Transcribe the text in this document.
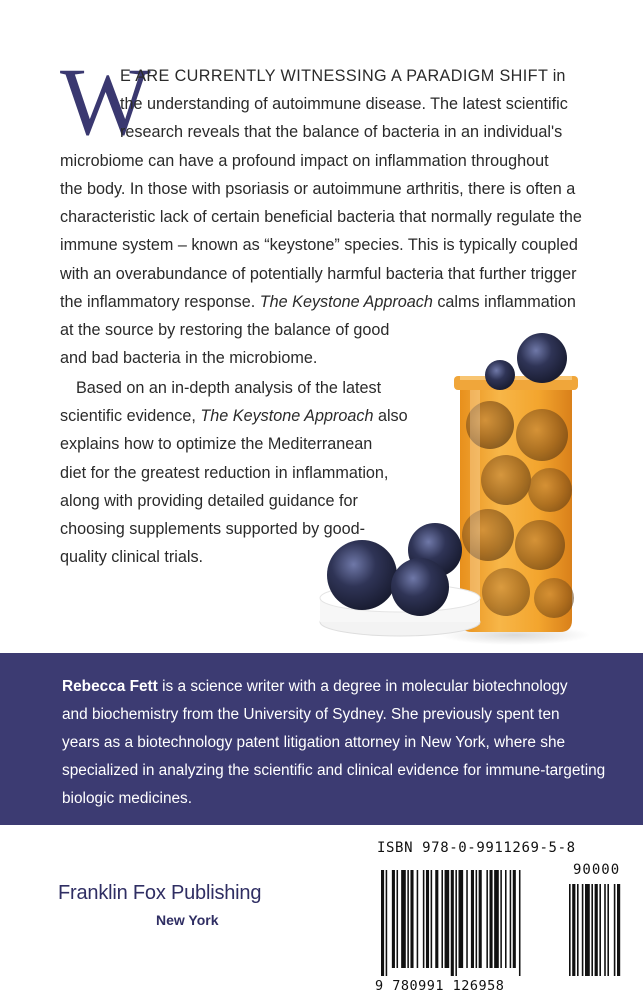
W
E ARE CURRENTLY WITNESSING A PARADIGM SHIFT in
the understanding of autoimmune disease. The latest scientific
research reveals that the balance of bacteria in an individual's
microbiome can have a profound impact on inflammation throughout
the body. In those with psoriasis or autoimmune arthritis, there is often a
characteristic lack of certain beneficial bacteria that normally regulate the
immune system – known as “keystone” species. This is typically coupled
with an overabundance of potentially harmful bacteria that further trigger
the inflammatory response. The Keystone Approach calms inflammation
at the source by restoring the balance of good
and bad bacteria in the microbiome.
Based on an in-depth analysis of the latest
scientific evidence, The Keystone Approach also
explains how to optimize the Mediterranean
diet for the greatest reduction in inflammation,
along with providing detailed guidance for
choosing supplements supported by good-
quality clinical trials.
Rebecca Fett is a science writer with a degree in molecular biotechnology
and biochemistry from the University of Sydney. She previously spent ten
years as a biotechnology patent litigation attorney in New York, where she
specialized in analyzing the scientific and clinical evidence for immune-targeting
biologic medicines.
Franklin Fox Publishing
New York
ISBN 978-0-9911269-5-8
90000
9 780991 126958
